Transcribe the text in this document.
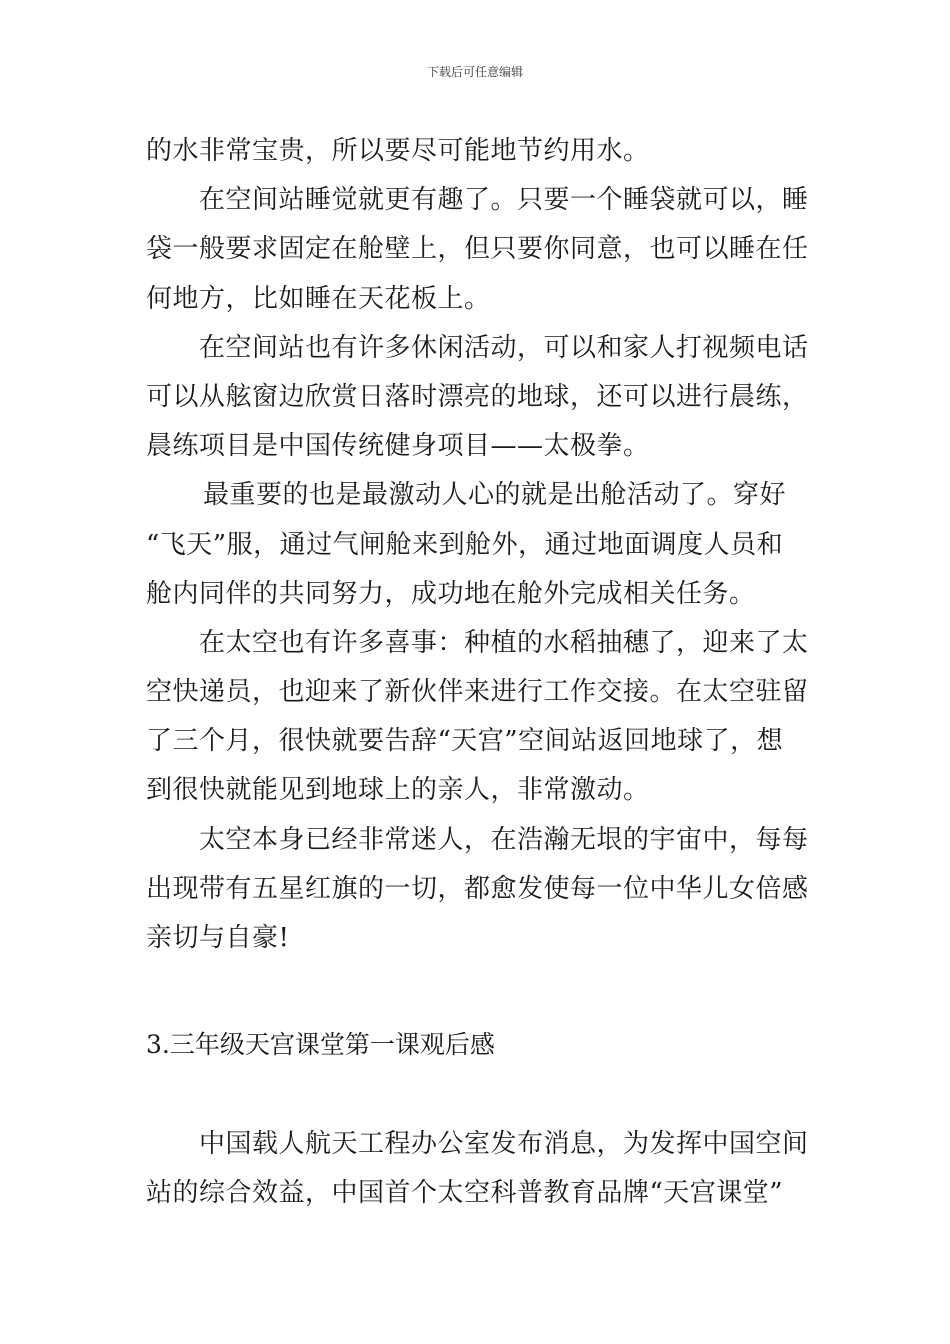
下载后可任意编辑
的水非常宝贵，所以要尽可能地节约用水。
在空间站睡觉就更有趣了。只要一个睡袋就可以，睡
袋一般要求固定在舱壁上，但只要你同意，也可以睡在任
何地方，比如睡在天花板上。
在空间站也有许多休闲活动，可以和家人打视频电话
可以从舷窗边欣赏日落时漂亮的地球，还可以进行晨练，
晨练项目是中国传统健身项目——太极拳。
最重要的也是最激动人心的就是出舱活动了。穿好
“飞天”服，通过气闸舱来到舱外，通过地面调度人员和
舱内同伴的共同努力，成功地在舱外完成相关任务。
在太空也有许多喜事：种植的水稻抽穗了，迎来了太
空快递员，也迎来了新伙伴来进行工作交接。在太空驻留
了三个月，很快就要告辞“天宫”空间站返回地球了，想
到很快就能见到地球上的亲人，非常激动。
太空本身已经非常迷人，在浩瀚无垠的宇宙中，每每
出现带有五星红旗的一切，都愈发使每一位中华儿女倍感
亲切与自豪!
3.三年级天宫课堂第一课观后感
中国载人航天工程办公室发布消息，为发挥中国空间
站的综合效益，中国首个太空科普教育品牌“天宫课堂”
